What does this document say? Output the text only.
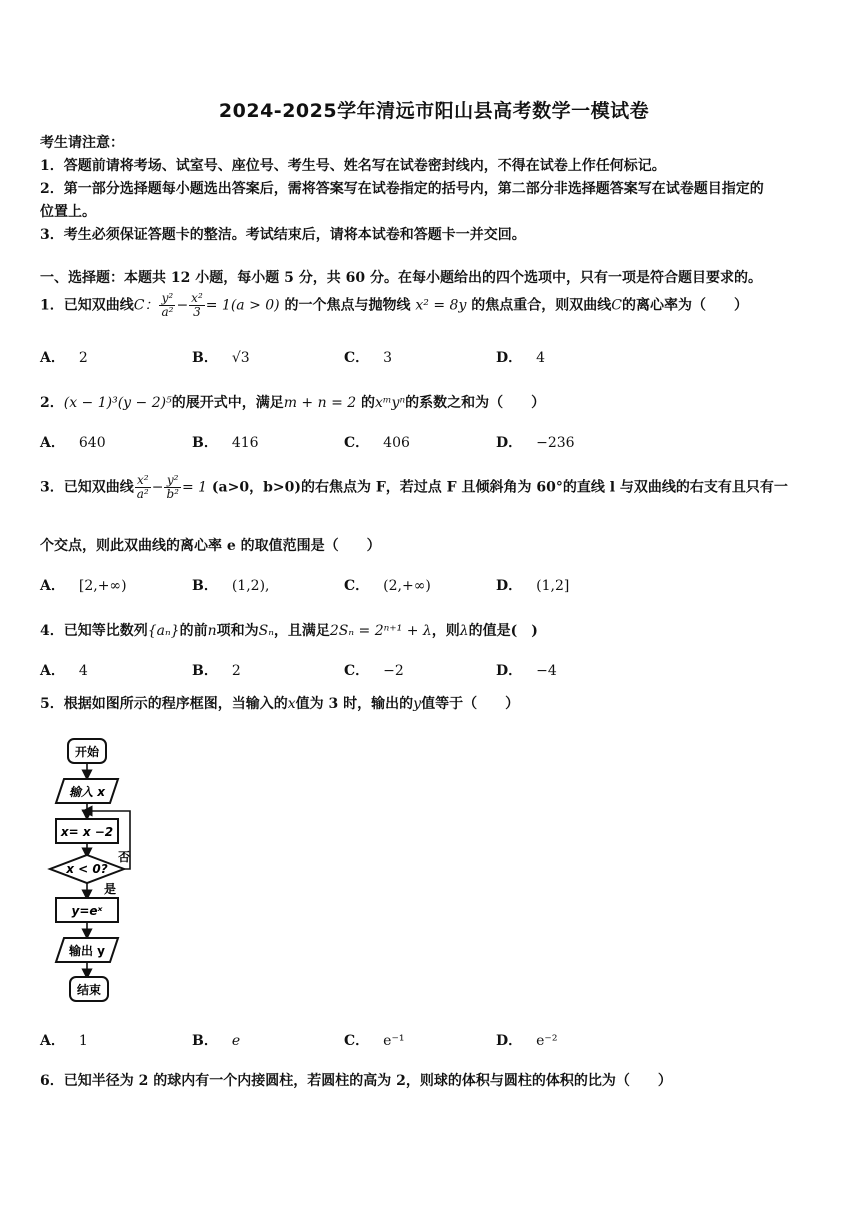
2024-2025学年清远市阳山县高考数学一模试卷

考生请注意：

1．答题前请将考场、试室号、座位号、考生号、姓名写在试卷密封线内，不得在试卷上作任何标记。

2．第一部分选择题每小题选出答案后，需将答案写在试卷指定的括号内，第二部分非选择题答案写在试卷题目指定的

位置上。

3．考生必须保证答题卡的整洁。考试结束后，请将本试卷和答题卡一并交回。

一、选择题：本题共 12 小题，每小题 5 分，共 60 分。在每小题给出的四个选项中，只有一项是符合题目要求的。
1．已知双曲线C： $\frac{\text{y²}}{\text{a²}} - \frac{\text{x²}}{3} = 1(a > 0)$ 的一个焦点与抛物线 x² = 8y 的焦点重合，则双曲线C的离心率为（　　）
A． 2	B． √3	C． 3	D． 4
2．(x − 1)³(y − 2)⁵的展开式中，满足m + n = 2 的xᵐyⁿ的系数之和为（　　）
A． 640	B． 416	C． 406	D． −236
3．已知双曲线 $\frac{\text{x²}}{\text{a²}} - \frac{\text{y²}}{\text{b²}} = 1$ (a>0，b>0)的右焦点为 F，若过点 F 且倾斜角为 60°的直线 l 与双曲线的右支有且只有一
个交点，则此双曲线的离心率 e 的取值范围是（　　）
A． [2,+∞)	B． (1,2),	C． (2,+∞)	D． (1,2]
4．已知等比数列{aₙ}的前n项和为Sₙ，且满足2Sₙ = 2ⁿ⁺¹ + λ，则λ的值是(　)
A． 4	B． 2	C． −2	D． −4
5．根据如图所示的程序框图，当输入的x值为 3 时，输出的y值等于（　　）
开始
输入 x
x= x −2
x < 0?
否
是
y=eˣ
输出 y
结束
A． 1	B． e	C． e⁻¹	D． e⁻²
6．已知半径为 2 的球内有一个内接圆柱，若圆柱的高为 2，则球的体积与圆柱的体积的比为（　　）
